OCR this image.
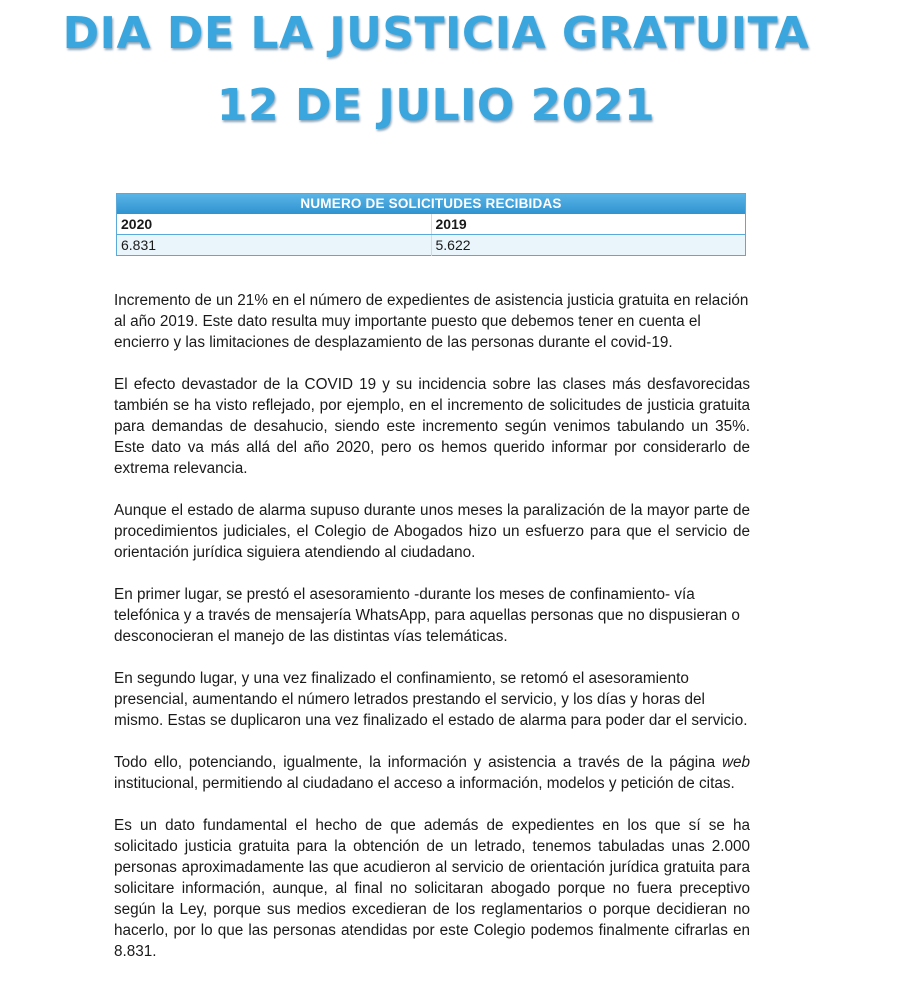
DIA DE LA JUSTICIA GRATUITA
12 DE JULIO 2021
NUMERO DE SOLICITUDES RECIBIDAS	
2020	2019
6.831	5.622

Incremento de un 21% en el número de expedientes de asistencia justicia gratuita en relación al año 2019. Este dato resulta muy importante puesto que debemos tener en cuenta el encierro y las limitaciones de desplazamiento de las personas durante el covid-19.

El efecto devastador de la COVID 19 y su incidencia sobre las clases más desfavorecidas también se ha visto reflejado, por ejemplo, en el incremento de solicitudes de justicia gratuita para demandas de desahucio, siendo este incremento según venimos tabulando un 35%. Este dato va más allá del año 2020, pero os hemos querido informar por considerarlo de extrema relevancia.

Aunque el estado de alarma supuso durante unos meses la paralización de la mayor parte de procedimientos judiciales, el Colegio de Abogados hizo un esfuerzo para que el servicio de orientación jurídica siguiera atendiendo al ciudadano.

En primer lugar, se prestó el asesoramiento -durante los meses de confinamiento- vía telefónica y a través de mensajería WhatsApp, para aquellas personas que no dispusieran o desconocieran el manejo de las distintas vías telemáticas.

En segundo lugar, y una vez finalizado el confinamiento, se retomó el asesoramiento presencial, aumentando el número letrados prestando el servicio, y los días y horas del mismo. Estas se duplicaron una vez finalizado el estado de alarma para poder dar el servicio.

Todo ello, potenciando, igualmente, la información y asistencia a través de la página web institucional, permitiendo al ciudadano el acceso a información, modelos y petición de citas.

Es un dato fundamental el hecho de que además de expedientes en los que sí se ha solicitado justicia gratuita para la obtención de un letrado, tenemos tabuladas unas 2.000 personas aproximadamente las que acudieron al servicio de orientación jurídica gratuita para solicitare información, aunque, al final no solicitaran abogado porque no fuera preceptivo según la Ley, porque sus medios excedieran de los reglamentarios o porque decidieran no hacerlo, por lo que las personas atendidas por este Colegio podemos finalmente cifrarlas en 8.831.
